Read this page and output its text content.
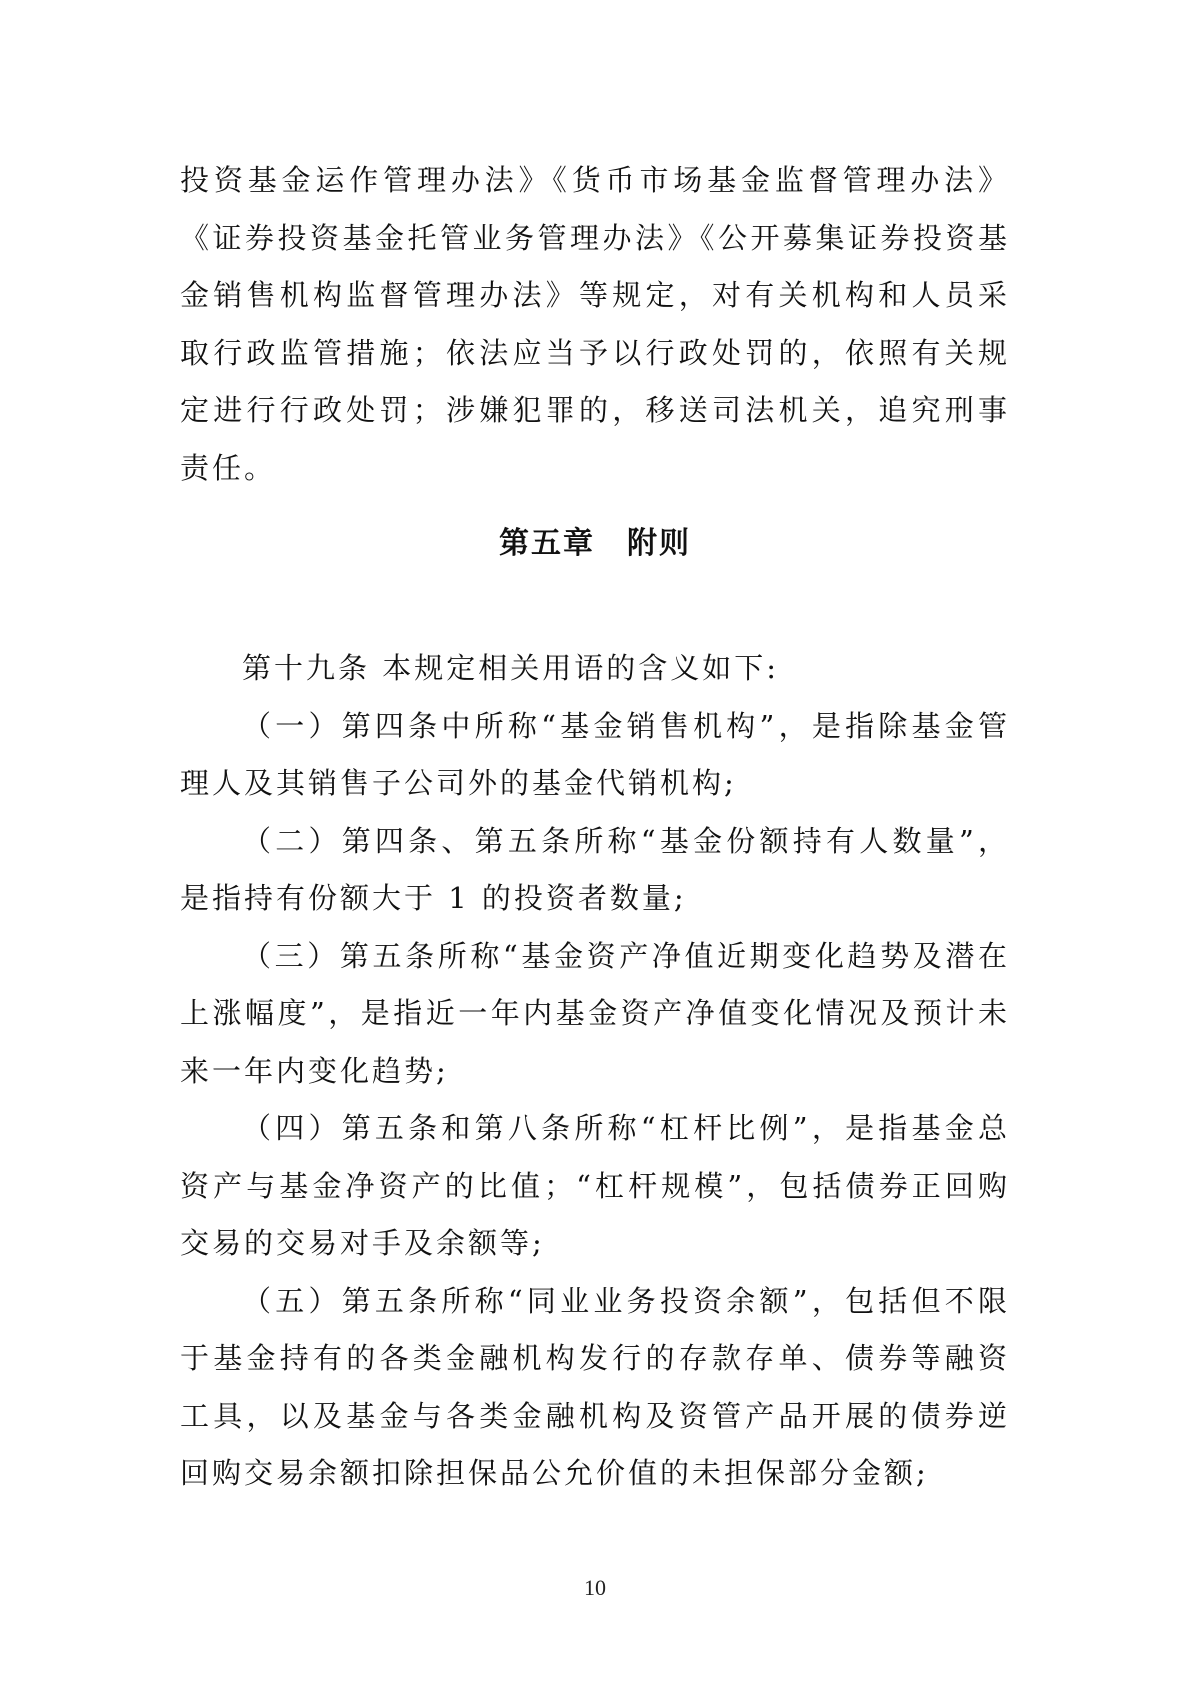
投资基金运作管理办法》《货币市场基金监督管理办法》《证券投资基金托管业务管理办法》《公开募集证券投资基金销售机构监督管理办法》等规定，对有关机构和人员采取行政监管措施；依法应当予以行政处罚的，依照有关规定进行行政处罚；涉嫌犯罪的，移送司法机关，追究刑事责任。

第五章　附则

第十九条 本规定相关用语的含义如下:

（一）第四条中所称“基金销售机构”，是指除基金管理人及其销售子公司外的基金代销机构;

（二）第四条、第五条所称“基金份额持有人数量”，是指持有份额大于 1 的投资者数量;

（三）第五条所称“基金资产净值近期变化趋势及潜在上涨幅度”，是指近一年内基金资产净值变化情况及预计未来一年内变化趋势;

（四）第五条和第八条所称“杠杆比例”，是指基金总资产与基金净资产的比值；“杠杆规模”，包括债券正回购交易的交易对手及余额等;

（五）第五条所称“同业业务投资余额”，包括但不限于基金持有的各类金融机构发行的存款存单、债券等融资工具，以及基金与各类金融机构及资管产品开展的债券逆回购交易余额扣除担保品公允价值的未担保部分金额;

10
